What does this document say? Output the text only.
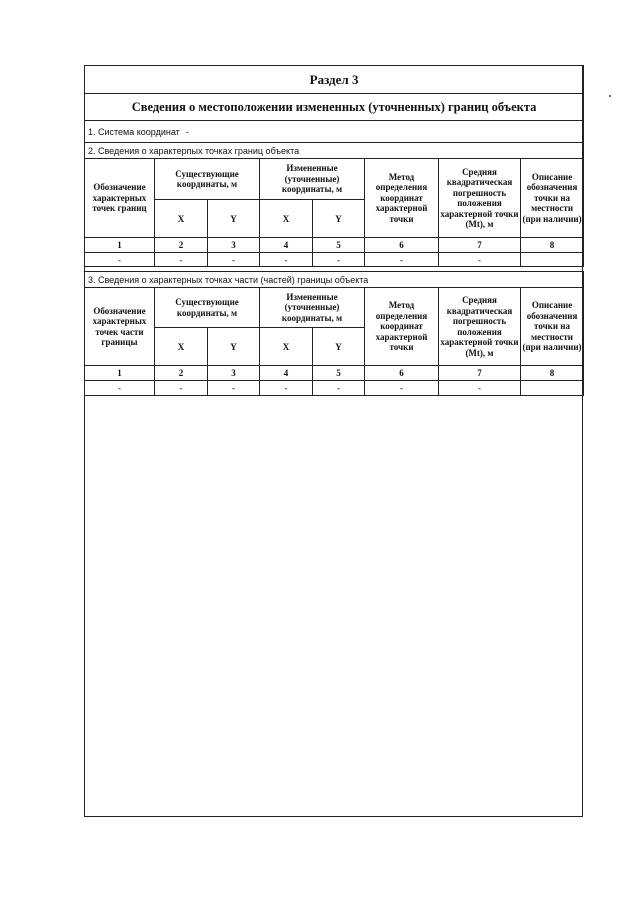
Раздел 3							
Сведения о местоположении измененных (уточненных) границ объекта							
1. Система координат -							
2. Сведения о характерпых точках границ объекта							
Обозначение характерных точек границ	Существующие координаты, м		Измененные (уточненные) координаты, м		Метод определения координат характерной точки	Средняя квадратическая погрешность положения характерной точки (Mt), м	Описание обозначения точки на местности (при наличии)
	X	Y	X	Y			
1	2	3	4	5	6	7	8
-	-	-	-	-	-	-	
3. Сведения о характерных точках части (частей) границы объекта							
Обозначение характерных точек части границы	Существующие координаты, м		Измененные (уточненные) координаты, м		Метод определения координат характерной точки	Средняя квадратическая погрешность положения характерной точки (Mt), м	Описание обозначения точки на местности (при наличии)
	X	Y	X	Y			
1	2	3	4	5	6	7	8
-	-	-	-	-	-	-	
